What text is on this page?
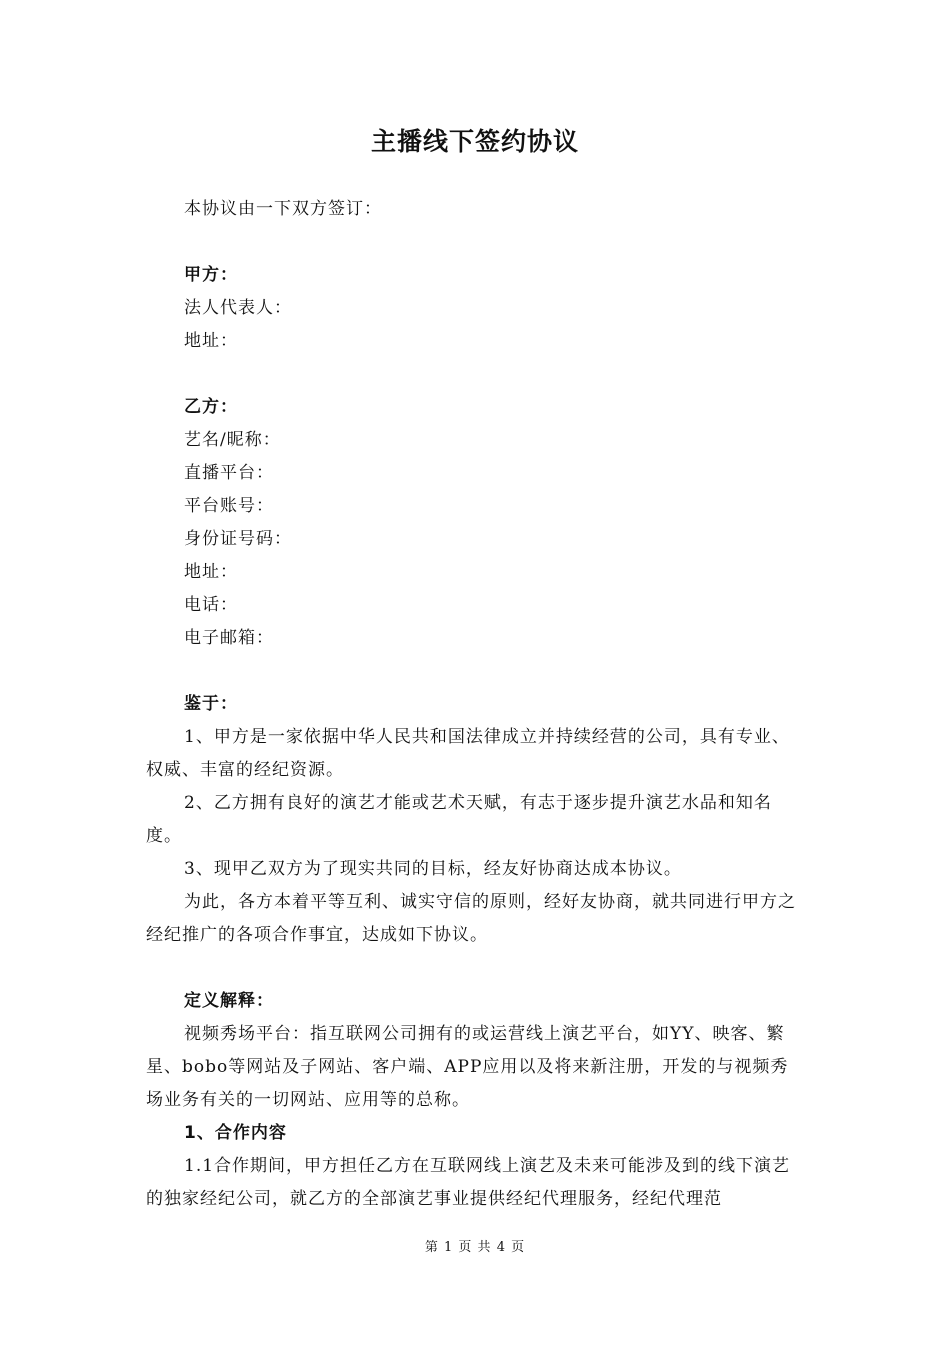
主播线下签约协议

本协议由一下双方签订：

甲方：

法人代表人：

地址：

乙方：

艺名/昵称：

直播平台：

平台账号：

身份证号码：

地址：

电话：

电子邮箱：

鉴于：

1、甲方是一家依据中华人民共和国法律成立并持续经营的公司，具有专业、权威、丰富的经纪资源。

2、乙方拥有良好的演艺才能或艺术天赋，有志于逐步提升演艺水品和知名度。

3、现甲乙双方为了现实共同的目标，经友好协商达成本协议。

为此，各方本着平等互利、诚实守信的原则，经好友协商，就共同进行甲方之经纪推广的各项合作事宜，达成如下协议。

定义解释：

视频秀场平台：指互联网公司拥有的或运营线上演艺平台，如YY、映客、繁星、bobo等网站及子网站、客户端、APP应用以及将来新注册，开发的与视频秀场业务有关的一切网站、应用等的总称。

1、合作内容

1.1合作期间，甲方担任乙方在互联网线上演艺及未来可能涉及到的线下演艺的独家经纪公司，就乙方的全部演艺事业提供经纪代理服务，经纪代理范

第 1 页 共 4 页
